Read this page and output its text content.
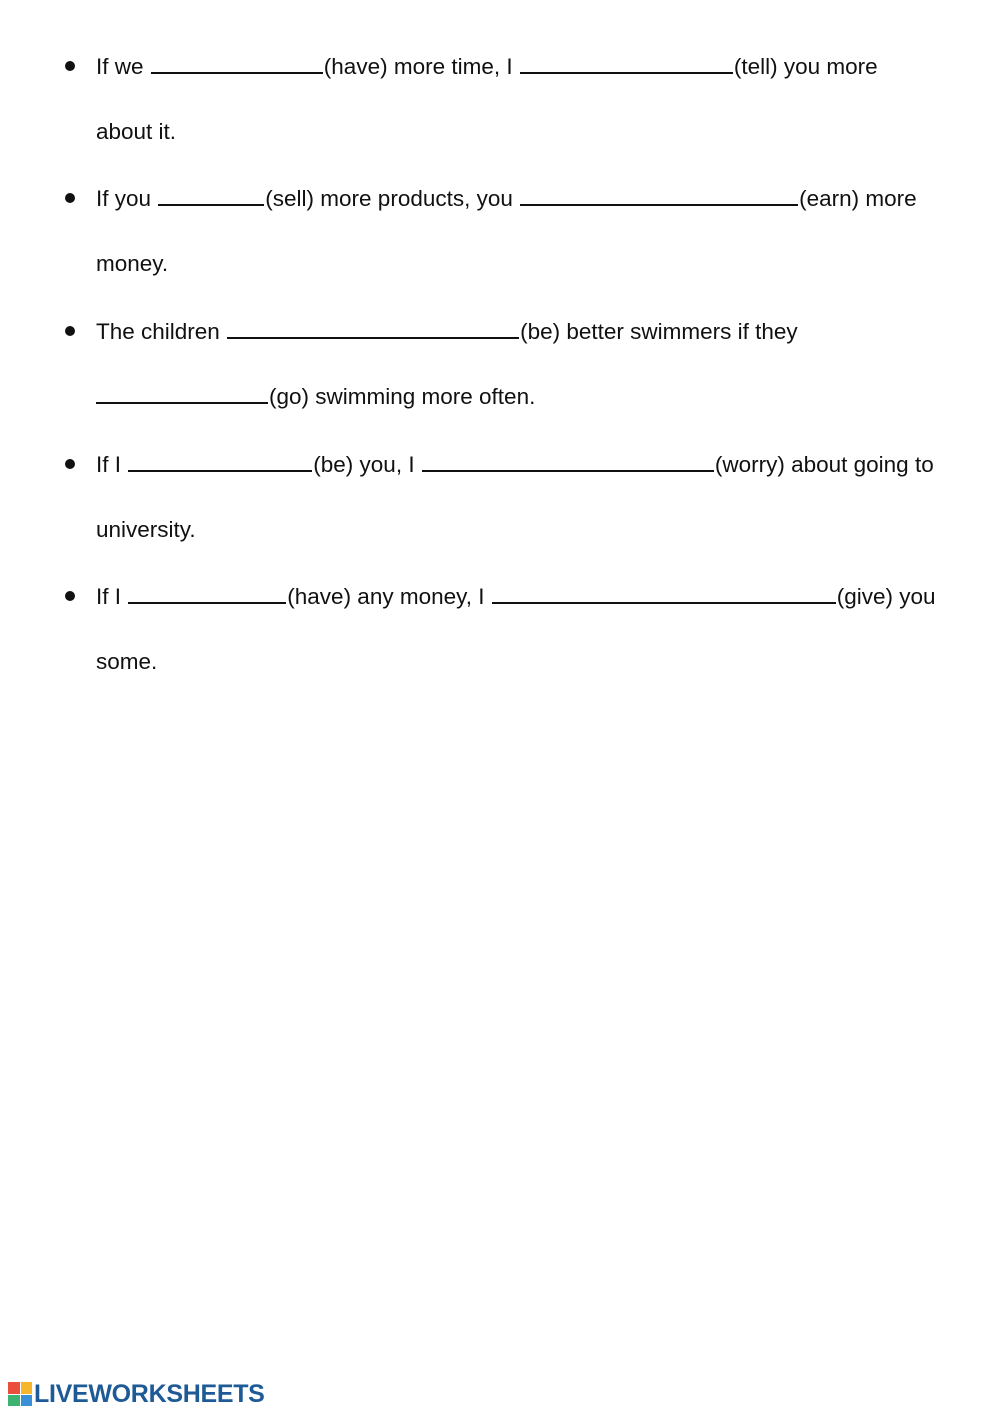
If we	(have) more time, I	(tell) you more
about it.
If you	(sell) more products, you	(earn) more
money.
The children	(be) better swimmers if they
(go) swimming more often.
If I	(be) you, I	(worry) about going to
university.
If I	(have) any money, I	(give) you
some.
LIVEWORKSHEETS
